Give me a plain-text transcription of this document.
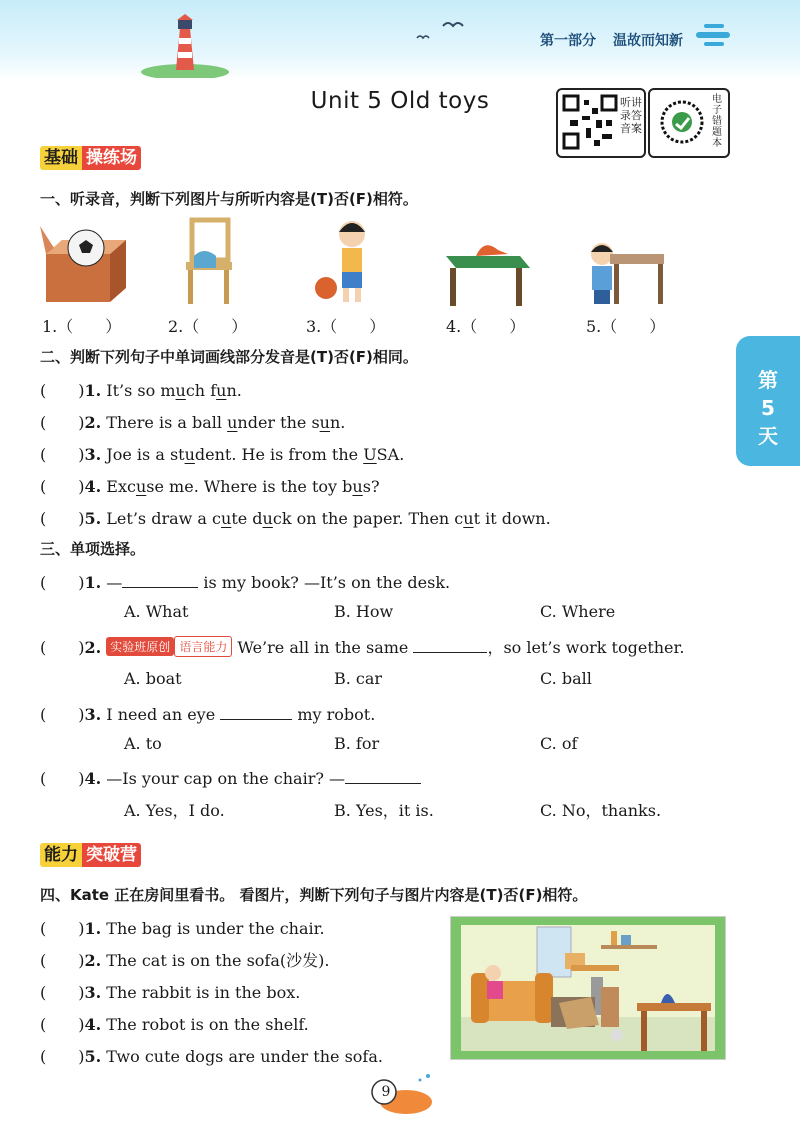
第一部分 温故而知新
Unit 5 Old toys	听讲录答音案
电子错题本
第5天
基础 操练场
一、听录音，判断下列图片与所听内容是(T)否(F)相符。
1.（　　）	2.（　　）	3.（　　）	4.（　　）	5.（　　）
二、判断下列句子中单词画线部分发音是(T)否(F)相同。
(　　)1. It’s so much fun.
(　　)2. There is a ball under the sun.
(　　)3. Joe is a student. He is from the USA.
(　　)4. Excuse me. Where is the toy bus?
(　　)5. Let’s draw a cute duck on the paper. Then cut it down.
三、单项选择。
(　　)1. —	is my book? —It’s on the desk.
A. What	B. How	C. Where
(　　)2. 实验班原创 语言能力 We’re all in the same	，so let’s work together.
A. boat	B. car	C. ball
(　　)3. I need an eye	my robot.
A. to	B. for	C. of
(　　)4. —Is your cap on the chair? —
A. Yes，I do.	B. Yes，it is.	C. No，thanks.
能力 突破营
四、Kate 正在房间里看书。 看图片，判断下列句子与图片内容是(T)否(F)相符。
(　　)1. The bag is under the chair.
(　　)2. The cat is on the sofa(沙发).
(　　)3. The rabbit is in the box.
(　　)4. The robot is on the shelf.
(　　)5. Two cute dogs are under the sofa.
9
